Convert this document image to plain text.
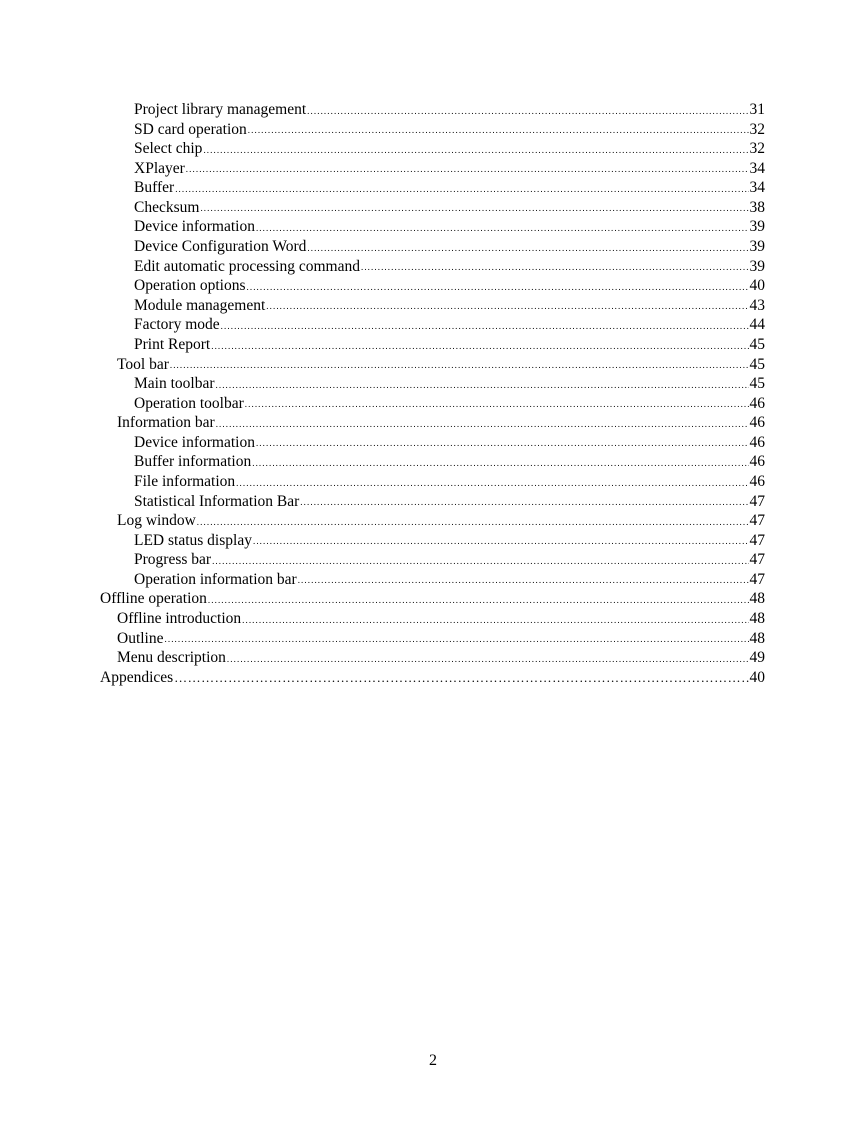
Project library management .....	31
SD card operation .....	32
Select chip .....	32
XPlayer .....	34
Buffer .....	34
Checksum .....	38
Device information .....	39
Device Configuration Word .....	39
Edit automatic processing command .....	39
Operation options .....	40
Module management .....	43
Factory mode .....	44
Print Report .....	45
Tool bar .....	45
Main toolbar .....	45
Operation toolbar .....	46
Information bar .....	46
Device information .....	46
Buffer information .....	46
File information .....	46
Statistical Information Bar .....	47
Log window .....	47
LED status display .....	47
Progress bar .....	47
Operation information bar .....	47
Offline operation .....	48
Offline introduction .....	48
Outline .....	48
Menu description .....	49
Appendices ……………………………………………………………………………………………………………………………………………………………………	40
2
